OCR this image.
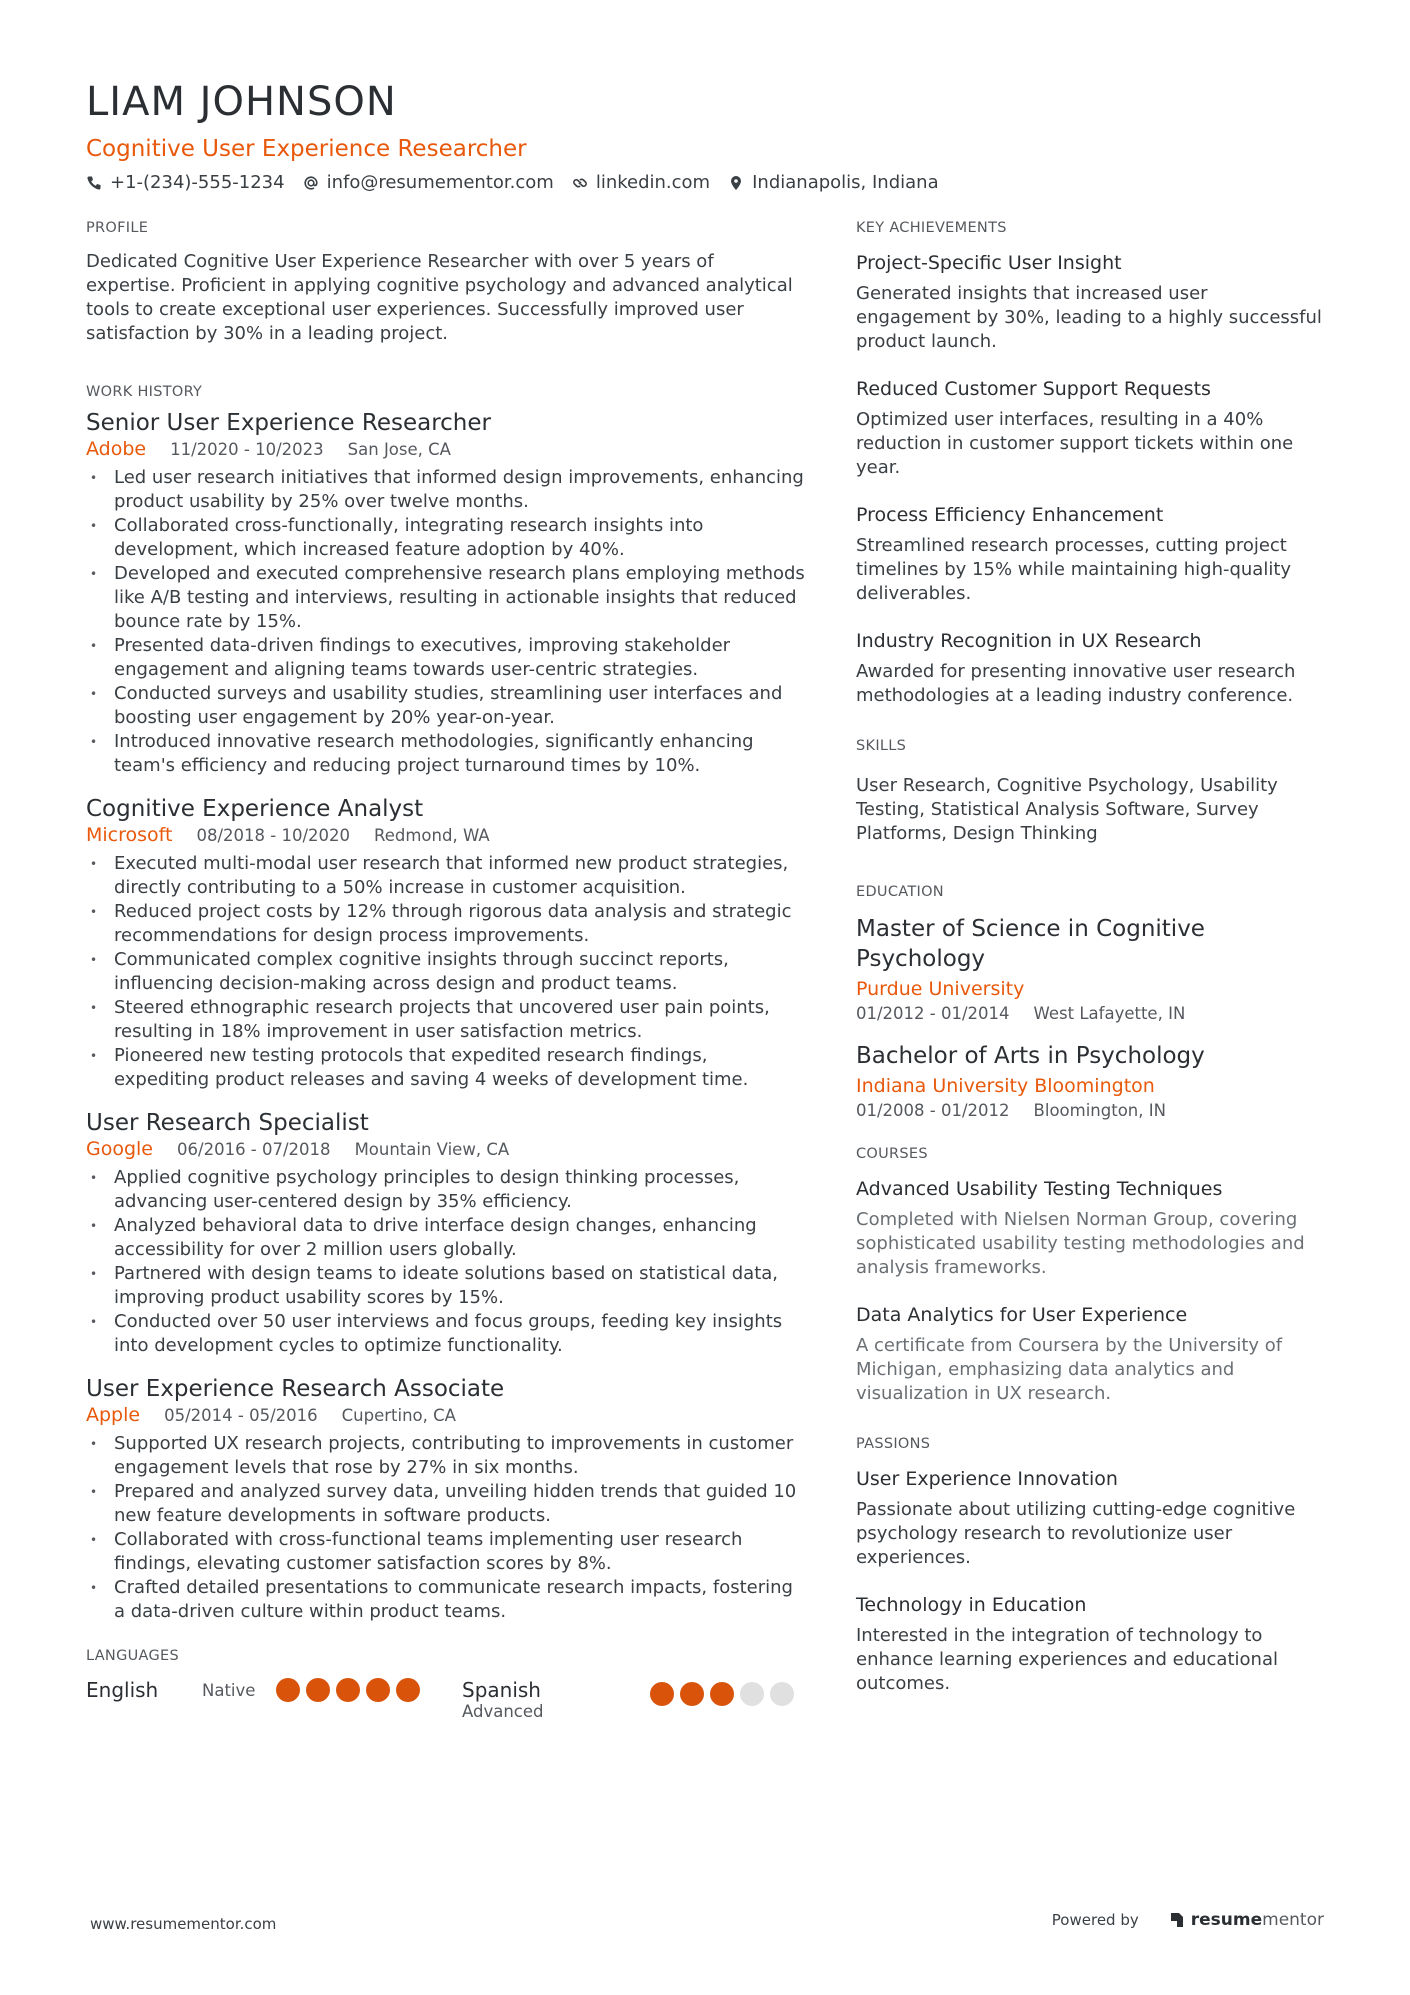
LIAM JOHNSON
Cognitive User Experience Researcher
+1-(234)-555-1234 info@resumementor.com linkedin.com Indianapolis, Indiana
PROFILE
Dedicated Cognitive User Experience Researcher with over 5 years of expertise. Proficient in applying cognitive psychology and advanced analytical tools to create exceptional user experiences. Successfully improved user satisfaction by 30% in a leading project.
WORK HISTORY
Senior User Experience Researcher
Adobe 11/2020 - 10/2023 San Jose, CA
• Led user research initiatives that informed design improvements, enhancing product usability by 25% over twelve months.
• Collaborated cross-functionally, integrating research insights into development, which increased feature adoption by 40%.
• Developed and executed comprehensive research plans employing methods like A/B testing and interviews, resulting in actionable insights that reduced bounce rate by 15%.
• Presented data-driven findings to executives, improving stakeholder engagement and aligning teams towards user-centric strategies.
• Conducted surveys and usability studies, streamlining user interfaces and boosting user engagement by 20% year-on-year.
• Introduced innovative research methodologies, significantly enhancing team's efficiency and reducing project turnaround times by 10%.
Cognitive Experience Analyst
Microsoft 08/2018 - 10/2020 Redmond, WA
• Executed multi-modal user research that informed new product strategies, directly contributing to a 50% increase in customer acquisition.
• Reduced project costs by 12% through rigorous data analysis and strategic recommendations for design process improvements.
• Communicated complex cognitive insights through succinct reports, influencing decision-making across design and product teams.
• Steered ethnographic research projects that uncovered user pain points, resulting in 18% improvement in user satisfaction metrics.
• Pioneered new testing protocols that expedited research findings, expediting product releases and saving 4 weeks of development time.
User Research Specialist
Google 06/2016 - 07/2018 Mountain View, CA
• Applied cognitive psychology principles to design thinking processes, advancing user-centered design by 35% efficiency.
• Analyzed behavioral data to drive interface design changes, enhancing accessibility for over 2 million users globally.
• Partnered with design teams to ideate solutions based on statistical data, improving product usability scores by 15%.
• Conducted over 50 user interviews and focus groups, feeding key insights into development cycles to optimize functionality.
User Experience Research Associate
Apple 05/2014 - 05/2016 Cupertino, CA
• Supported UX research projects, contributing to improvements in customer engagement levels that rose by 27% in six months.
• Prepared and analyzed survey data, unveiling hidden trends that guided 10 new feature developments in software products.
• Collaborated with cross-functional teams implementing user research findings, elevating customer satisfaction scores by 8%.
• Crafted detailed presentations to communicate research impacts, fostering a data-driven culture within product teams.
LANGUAGES
English	Native	Spanish
Advanced
KEY ACHIEVEMENTS
Project-Specific User Insight
Generated insights that increased user engagement by 30%, leading to a highly successful product launch.
Reduced Customer Support Requests
Optimized user interfaces, resulting in a 40% reduction in customer support tickets within one year.
Process Efficiency Enhancement
Streamlined research processes, cutting project timelines by 15% while maintaining high-quality deliverables.
Industry Recognition in UX Research
Awarded for presenting innovative user research methodologies at a leading industry conference.
SKILLS
User Research, Cognitive Psychology, Usability Testing, Statistical Analysis Software, Survey Platforms, Design Thinking
EDUCATION
Master of Science in Cognitive Psychology
Purdue University
01/2012 - 01/2014 West Lafayette, IN
Bachelor of Arts in Psychology
Indiana University Bloomington
01/2008 - 01/2012 Bloomington, IN
COURSES
Advanced Usability Testing Techniques
Completed with Nielsen Norman Group, covering sophisticated usability testing methodologies and analysis frameworks.
Data Analytics for User Experience
A certificate from Coursera by the University of Michigan, emphasizing data analytics and visualization in UX research.
PASSIONS
User Experience Innovation
Passionate about utilizing cutting-edge cognitive psychology research to revolutionize user experiences.
Technology in Education
Interested in the integration of technology to enhance learning experiences and educational outcomes.
www.resumementor.com	Powered by	resumementor
